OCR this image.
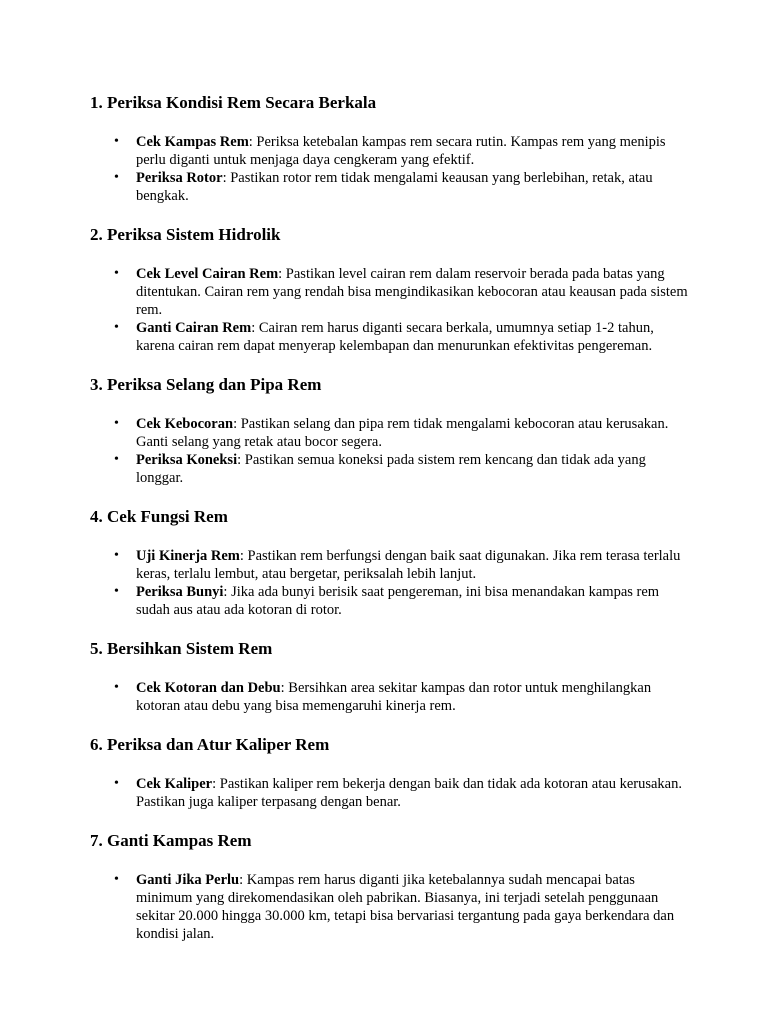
1. Periksa Kondisi Rem Secara Berkala
• Cek Kampas Rem: Periksa ketebalan kampas rem secara rutin. Kampas rem yang menipis perlu diganti untuk menjaga daya cengkeram yang efektif.
• Periksa Rotor: Pastikan rotor rem tidak mengalami keausan yang berlebihan, retak, atau bengkak.
2. Periksa Sistem Hidrolik
• Cek Level Cairan Rem: Pastikan level cairan rem dalam reservoir berada pada batas yang ditentukan. Cairan rem yang rendah bisa mengindikasikan kebocoran atau keausan pada sistem rem.
• Ganti Cairan Rem: Cairan rem harus diganti secara berkala, umumnya setiap 1-2 tahun, karena cairan rem dapat menyerap kelembapan dan menurunkan efektivitas pengereman.
3. Periksa Selang dan Pipa Rem
• Cek Kebocoran: Pastikan selang dan pipa rem tidak mengalami kebocoran atau kerusakan. Ganti selang yang retak atau bocor segera.
• Periksa Koneksi: Pastikan semua koneksi pada sistem rem kencang dan tidak ada yang longgar.
4. Cek Fungsi Rem
• Uji Kinerja Rem: Pastikan rem berfungsi dengan baik saat digunakan. Jika rem terasa terlalu keras, terlalu lembut, atau bergetar, periksalah lebih lanjut.
• Periksa Bunyi: Jika ada bunyi berisik saat pengereman, ini bisa menandakan kampas rem sudah aus atau ada kotoran di rotor.
5. Bersihkan Sistem Rem
• Cek Kotoran dan Debu: Bersihkan area sekitar kampas dan rotor untuk menghilangkan kotoran atau debu yang bisa memengaruhi kinerja rem.
6. Periksa dan Atur Kaliper Rem
• Cek Kaliper: Pastikan kaliper rem bekerja dengan baik dan tidak ada kotoran atau kerusakan. Pastikan juga kaliper terpasang dengan benar.
7. Ganti Kampas Rem
• Ganti Jika Perlu: Kampas rem harus diganti jika ketebalannya sudah mencapai batas minimum yang direkomendasikan oleh pabrikan. Biasanya, ini terjadi setelah penggunaan sekitar 20.000 hingga 30.000 km, tetapi bisa bervariasi tergantung pada gaya berkendara dan kondisi jalan.
